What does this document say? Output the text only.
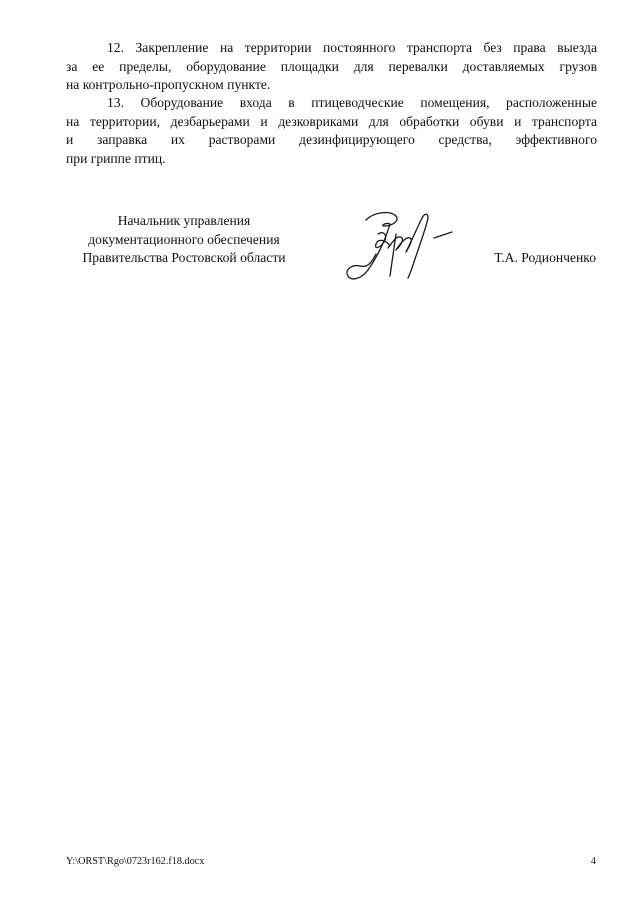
12. Закрепление на территории постоянного транспорта без права выезда
за ее пределы, оборудование площадки для перевалки доставляемых грузов
на контрольно-пропускном пункте.

13. Оборудование входа в птицеводческие помещения, расположенные
на территории, дезбарьерами и дезковриками для обработки обуви и транспорта
и заправка их растворами дезинфицирующего средства, эффективного
при гриппе птиц.

Начальник управления
документационного обеспечения
Правительства Ростовской области	Т.А. Родионченко
Y:\ORST\Rgo\0723r162.f18.docx	4
